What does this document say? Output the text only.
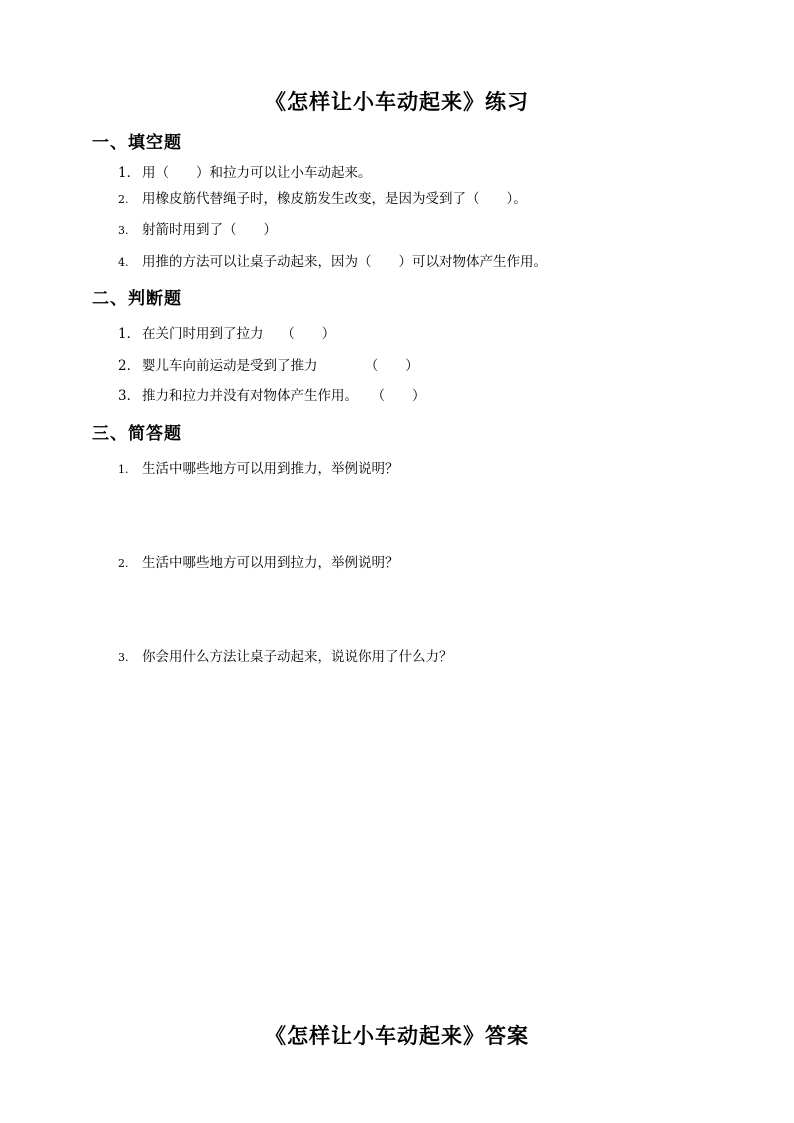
《怎样让小车动起来》练习
一、填空题
1． 用（　　）和拉力可以让小车动起来。
2. 用橡皮筋代替绳子时，橡皮筋发生改变，是因为受到了（　　）。
3. 射箭时用到了（　　）
4. 用推的方法可以让桌子动起来，因为（　　）可以对物体产生作用。
二、判断题
1． 在关门时用到了拉力　 （　　）
2． 婴儿车向前运动是受到了推力　　　　（　　）
3． 推力和拉力并没有对物体产生作用。　　（　　）
三、简答题
1. 生活中哪些地方可以用到推力，举例说明？
2. 生活中哪些地方可以用到拉力，举例说明？
3. 你会用什么方法让桌子动起来，说说你用了什么力？
《怎样让小车动起来》答案
